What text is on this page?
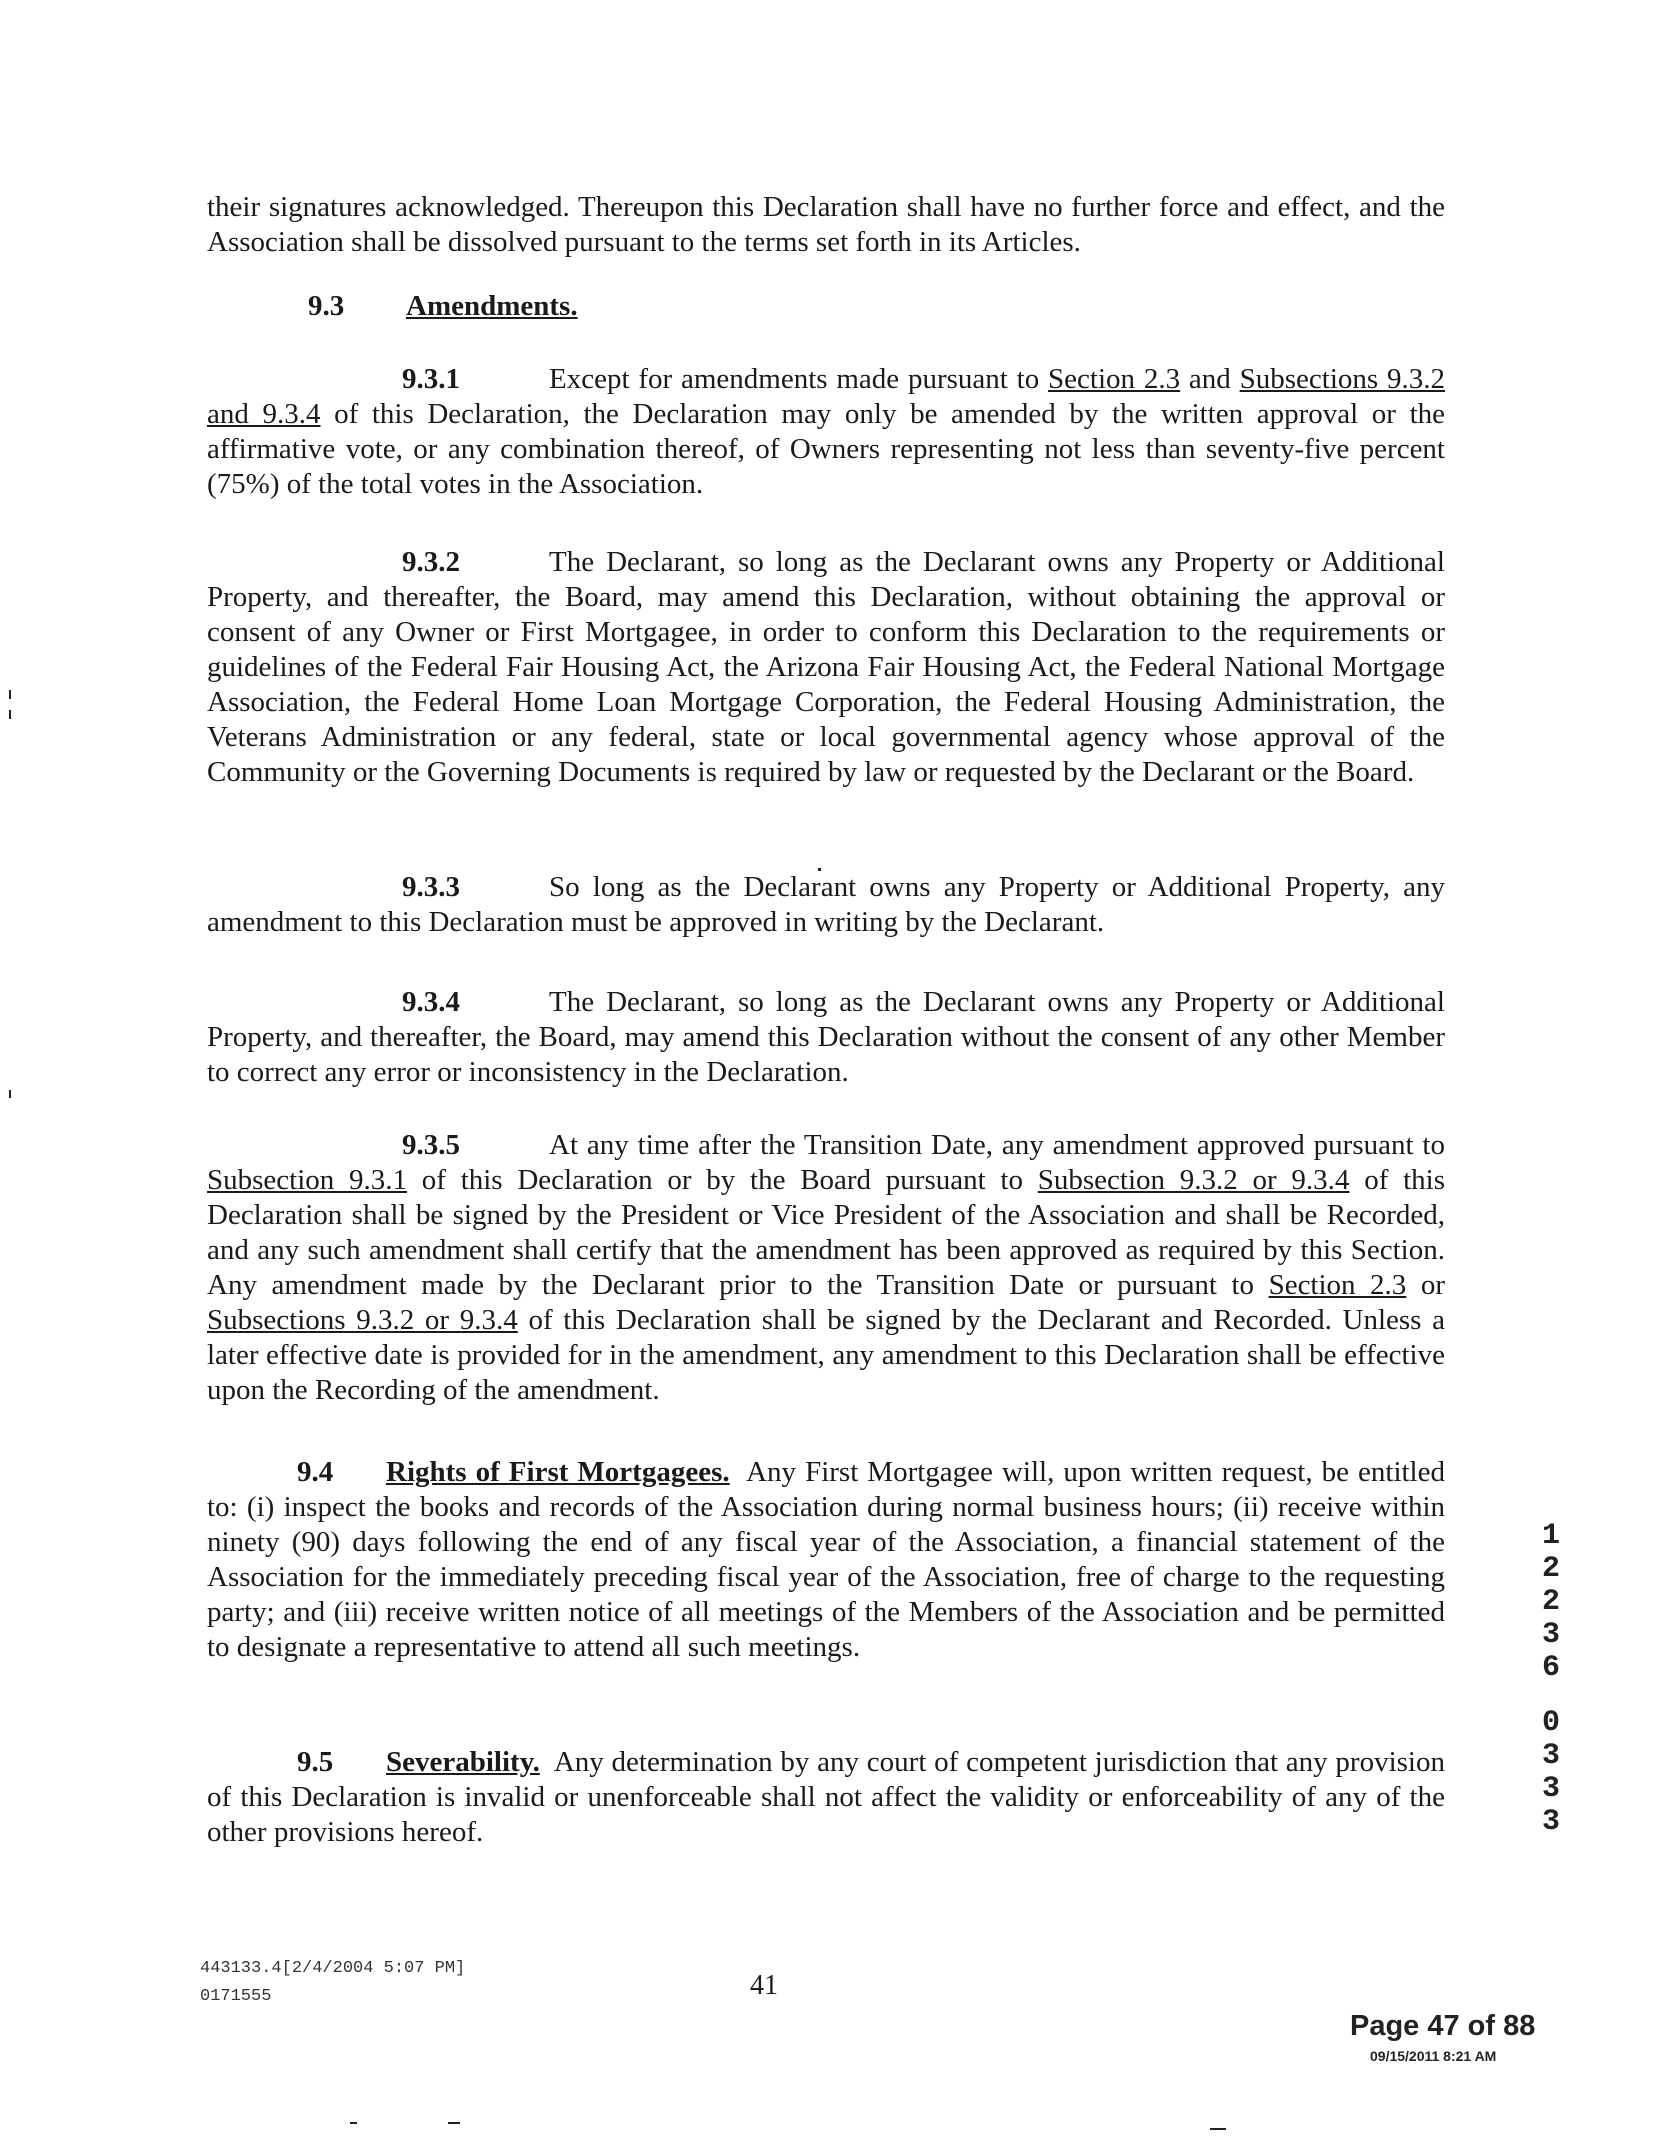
their signatures acknowledged. Thereupon this Declaration shall have no further force and effect, and the Association shall be dissolved pursuant to the terms set forth in its Articles.

9.3 Amendments.

9.3.1	Except for amendments made pursuant to Section 2.3 and Subsections 9.3.2 and 9.3.4 of this Declaration, the Declaration may only be amended by the written approval or the affirmative vote, or any combination thereof, of Owners representing not less than seventy-five percent (75%) of the total votes in the Association.

9.3.2	The Declarant, so long as the Declarant owns any Property or Additional Property, and thereafter, the Board, may amend this Declaration, without obtaining the approval or consent of any Owner or First Mortgagee, in order to conform this Declaration to the requirements or guidelines of the Federal Fair Housing Act, the Arizona Fair Housing Act, the Federal National Mortgage Association, the Federal Home Loan Mortgage Corporation, the Federal Housing Administration, the Veterans Administration or any federal, state or local governmental agency whose approval of the Community or the Governing Documents is required by law or requested by the Declarant or the Board.

9.3.3	So long as the Declarant owns any Property or Additional Property, any amendment to this Declaration must be approved in writing by the Declarant.

9.3.4	The Declarant, so long as the Declarant owns any Property or Additional Property, and thereafter, the Board, may amend this Declaration without the consent of any other Member to correct any error or inconsistency in the Declaration.

9.3.5	At any time after the Transition Date, any amendment approved pursuant to Subsection 9.3.1 of this Declaration or by the Board pursuant to Subsection 9.3.2 or 9.3.4 of this Declaration shall be signed by the President or Vice President of the Association and shall be Recorded, and any such amendment shall certify that the amendment has been approved as required by this Section. Any amendment made by the Declarant prior to the Transition Date or pursuant to Section 2.3 or Subsections 9.3.2 or 9.3.4 of this Declaration shall be signed by the Declarant and Recorded. Unless a later effective date is provided for in the amendment, any amendment to this Declaration shall be effective upon the Recording of the amendment.

9.4 Rights of First Mortgagees. Any First Mortgagee will, upon written request, be entitled to: (i) inspect the books and records of the Association during normal business hours; (ii) receive within ninety (90) days following the end of any fiscal year of the Association, a financial statement of the Association for the immediately preceding fiscal year of the Association, free of charge to the requesting party; and (iii) receive written notice of all meetings of the Members of the Association and be permitted to designate a representative to attend all such meetings.

9.5 Severability. Any determination by any court of competent jurisdiction that any provision of this Declaration is invalid or unenforceable shall not affect the validity or enforceability of any of the other provisions hereof.

1
2
2
3
6
0
3
3
3
443133.4[2/4/2004 5:07 PM]
0171555	41
Page 47 of 88
09/15/2011 8:21 AM
